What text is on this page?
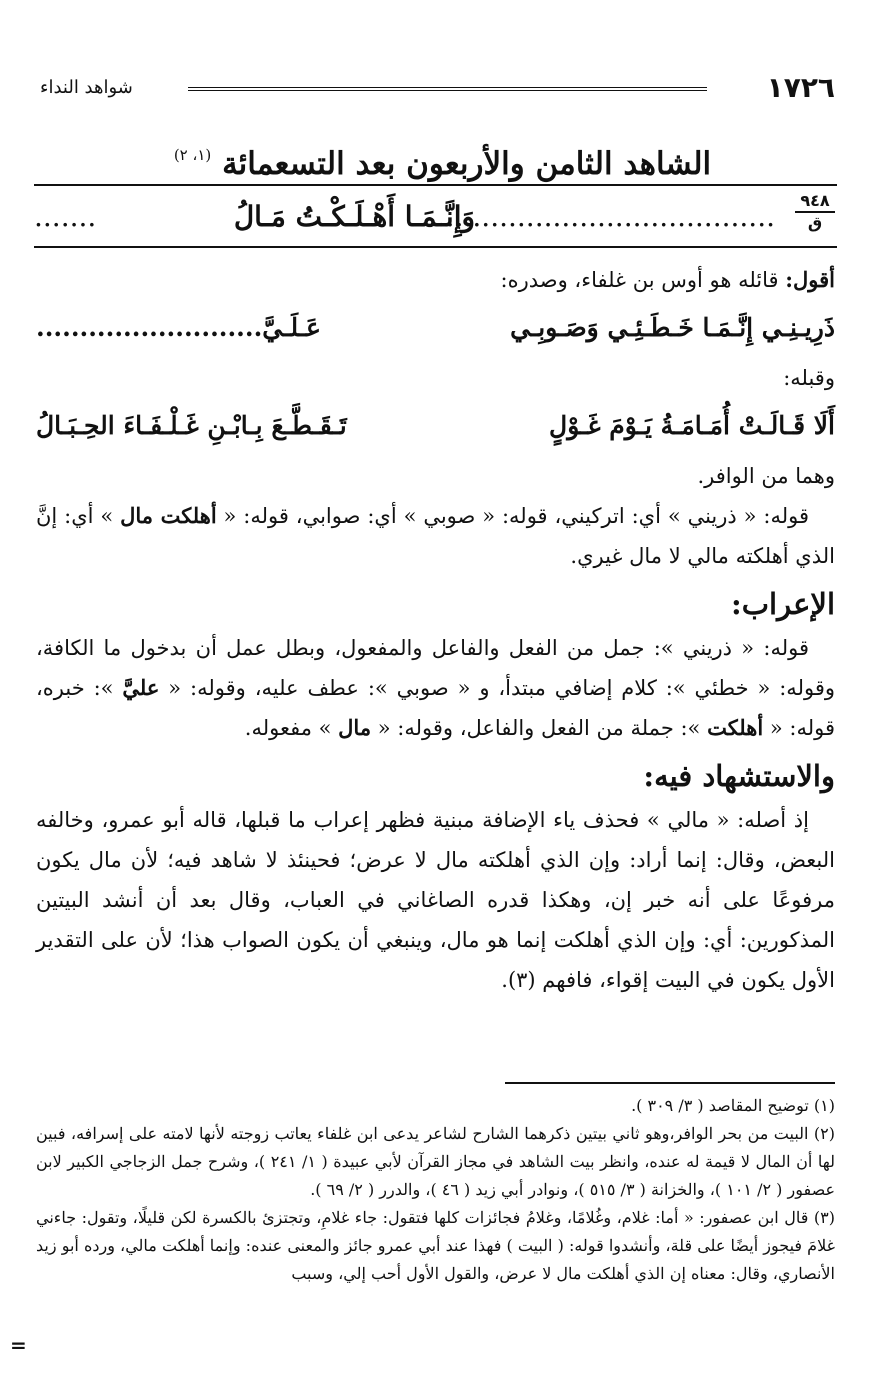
١٧٢٦
شواهد النداء
الشاهد الثامن والأربعون بعد التسعمائة $^{(١، ٢)}$
٩٤٨
ق
........................................
وَإِنَّـمَـا أَهْـلَـكْـتُ مَـالُ
.......

أقول: قائله هو أوس بن غلفاء، وصدره:

ذَرِيـنِـي إِنَّـمَـا خَـطَـئِـي وَصَـوبِـي
عَـلَـيَّ..........................

وقبله:

أَلَا قَـالَـتْ أُمَـامَـةُ يَـوْمَ غَـوْلٍ
تَـقَـطَّـعَ بِـابْـنِ غَـلْـفَـاءَ الحِـبَـالُ

وهما من الوافر.

قوله: « ذريني » أي: اتركيني، قوله: « صوبي » أي: صوابي، قوله: « أهلكت مال » أي: إنَّ الذي أهلكته مالي لا مال غيري.

الإعراب:

قوله: « ذريني »: جمل من الفعل والفاعل والمفعول، وبطل عمل أن بدخول ما الكافة، وقوله: « خطئي »: كلام إضافي مبتدأ، و « صوبي »: عطف عليه، وقوله: « عليَّ »: خبره، قوله: « أهلكت »: جملة من الفعل والفاعل، وقوله: « مال » مفعوله.

والاستشهاد فيه:

إذ أصله: « مالي » فحذف ياء الإضافة مبنية فظهر إعراب ما قبلها، قاله أبو عمرو، وخالفه البعض، وقال: إنما أراد: وإن الذي أهلكته مال لا عرض؛ فحينئذ لا شاهد فيه؛ لأن مال يكون مرفوعًا على أنه خبر إن، وهكذا قدره الصاغاني في العباب، وقال بعد أن أنشد البيتين المذكورين: أي: وإن الذي أهلكت إنما هو مال، وينبغي أن يكون الصواب هذا؛ لأن على التقدير الأول يكون في البيت إقواء، فافهم (٣).

(١) توضيح المقاصد ( ٣/ ٣٠٩ ).

(٢) البيت من بحر الوافر،وهو ثاني بيتين ذكرهما الشارح لشاعر يدعى ابن غلفاء يعاتب زوجته لأنها لامته على إسرافه، فبين لها أن المال لا قيمة له عنده، وانظر بيت الشاهد في مجاز القرآن لأبي عبيدة ( ١/ ٢٤١ )، وشرح جمل الزجاجي الكبير لابن عصفور ( ٢/ ١٠١ )، والخزانة ( ٣/ ٥١٥ )، ونوادر أبي زيد ( ٤٦ )، والدرر ( ٢/ ٦٩ ).

(٣) قال ابن عصفور: « أما: غلام، وغُلامًا، وغلامُ فجائزات كلها فتقول: جاء غلامِ، وتجتزئ بالكسرة لكن قليلًا، وتقول: جاءني غلامَ فيجوز أيضًا على قلة، وأنشدوا قوله: ( البيت ) فهذا عند أبي عمرو جائز والمعنى عنده: وإنما أهلكت مالي، ورده أبو زيد الأنصاري، وقال: معناه إن الذي أهلكت مال لا عرض، والقول الأول أحب إلي، وسبب

=
